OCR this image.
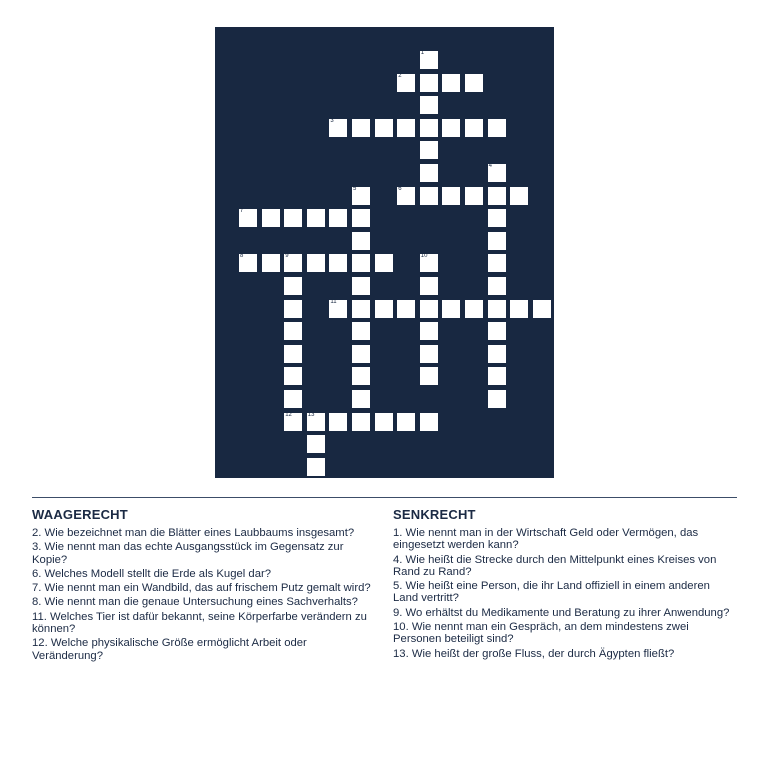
1
2
3
4
5	6
7
8	9	10
11
12	13
WAAGERECHT
2. Wie bezeichnet man die Blätter eines Laubbaums insgesamt?
3. Wie nennt man das echte Ausgangsstück im Gegensatz zur Kopie?
6. Welches Modell stellt die Erde als Kugel dar?
7. Wie nennt man ein Wandbild, das auf frischem Putz gemalt wird?
8. Wie nennt man die genaue Untersuchung eines Sachverhalts?
11. Welches Tier ist dafür bekannt, seine Körperfarbe verändern zu können?
12. Welche physikalische Größe ermöglicht Arbeit oder Veränderung?
SENKRECHT
1. Wie nennt man in der Wirtschaft Geld oder Vermögen, das eingesetzt werden kann?
4. Wie heißt die Strecke durch den Mittelpunkt eines Kreises von Rand zu Rand?
5. Wie heißt eine Person, die ihr Land offiziell in einem anderen Land vertritt?
9. Wo erhältst du Medikamente und Beratung zu ihrer Anwendung?
10. Wie nennt man ein Gespräch, an dem mindestens zwei Personen beteiligt sind?
13. Wie heißt der große Fluss, der durch Ägypten fließt?
